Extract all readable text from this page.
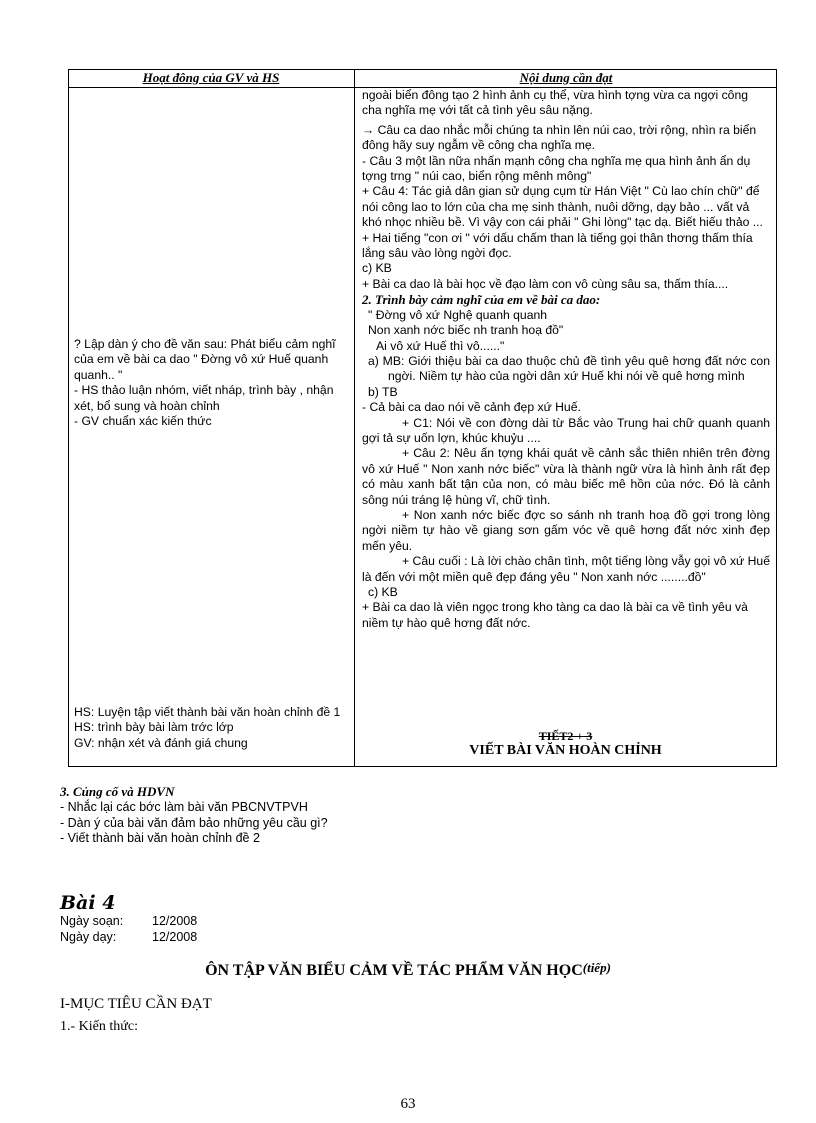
Hoạt đông của GV và HS	Nội dung cần đạt

? Lập dàn ý cho đề văn sau: Phát biểu cảm nghĩ của em về bài ca dao " Đờng vô xứ Huế quanh quanh.. "

- HS thảo luận nhóm, viết nháp, trình bày , nhận xét, bổ sung và hoàn chỉnh

- GV chuẩn xác kiến thức

HS: Luyện tập viết thành bài văn hoàn chỉnh đề 1

HS: trình bày bài làm trớc lớp

GV: nhận xét và đánh giá chung

ngoài biển đông tạo 2 hình ảnh cụ thể, vừa hình tợng vừa ca ngợi công cha nghĩa mẹ với tất cả tình yêu sâu nặng.

→ Câu ca dao nhắc mỗi chúng ta nhìn lên núi cao, trời rộng, nhìn ra biển đông hãy suy ngẫm về công cha nghĩa mẹ.

- Câu 3 một lần nữa nhấn mạnh công cha nghĩa mẹ qua hình ảnh ẩn dụ tợng trng " núi cao, biển rộng mênh mông"

+ Câu 4: Tác giả dân gian sử dụng cụm từ Hán Việt " Cù lao chín chữ" để nói công lao to lớn của cha mẹ sinh thành, nuôi dỡng, dạy bảo ... vất vả khó nhọc nhiều bề. Vì vậy con cái phải " Ghi lòng" tạc dạ. Biết hiếu thảo ...

+ Hai tiếng "con ơi " với dấu chấm than là tiếng gọi thân thơng thấm thía lắng sâu vào lòng ngời đọc.

c) KB

+ Bài ca dao là bài học về đạo làm con vô cùng sâu sa, thấm thía....

2. Trình bày cảm nghĩ của em về bài ca dao:

" Đờng vô xứ Nghệ quanh quanh

Non xanh nớc biếc nh tranh hoạ đồ"

Ai vô xứ Huế thì vô......"

a) MB: Giới thiệu bài ca dao thuộc chủ đề tình yêu quê hơng đất nớc con ngời. Niềm tự hào của ngời dân xứ Huế khi nói về quê hơng mình

b) TB

- Cả bài ca dao nói về cảnh đẹp xứ Huế.

+ C1: Nói về con đờng dài từ Bắc vào Trung hai chữ quanh quanh gợi tả sự uốn lợn, khúc khuỷu ....

+ Câu 2: Nêu ấn tợng khái quát về cảnh sắc thiên nhiên trên đờng vô xứ Huế " Non xanh nớc biếc" vừa là thành ngữ vừa là hình ảnh rất đẹp có màu xanh bất tận của non, có màu biếc mê hồn của nớc. Đó là cảnh sông núi tráng lệ hùng vĩ, chữ tình.

+ Non xanh nớc biếc đợc so sánh nh tranh hoạ đồ gợi trong lòng ngời niềm tự hào về giang sơn gấm vóc về quê hơng đất nớc xinh đẹp mến yêu.

+ Câu cuối : Là lời chào chân tình, một tiếng lòng vẫy gọi vô xứ Huế là đến với một miền quê đẹp đáng yêu " Non xanh nớc ........đồ"

c) KB

+ Bài ca dao là viên ngọc trong kho tàng ca dao là bài ca về tình yêu và niềm tự hào quê hơng đất nớc.

TIẾT2 + 3
VIẾT BÀI VĂN HOÀN CHỈNH
3. Củng cố và HDVN
- Nhắc lại các bớc làm bài văn PBCNVTPVH
- Dàn ý của bài văn đảm bảo những yêu cầu gì?
- Viết thành bài văn hoàn chỉnh đề 2
Bài 4
Ngày soạn: 12/2008
Ngày dạy:	12/2008
ÔN TẬP VĂN BIỂU CẢM VỀ TÁC PHẨM VĂN HỌC(tiếp)
I-MỤC TIÊU CẦN ĐẠT
1.- Kiến thức:
63
